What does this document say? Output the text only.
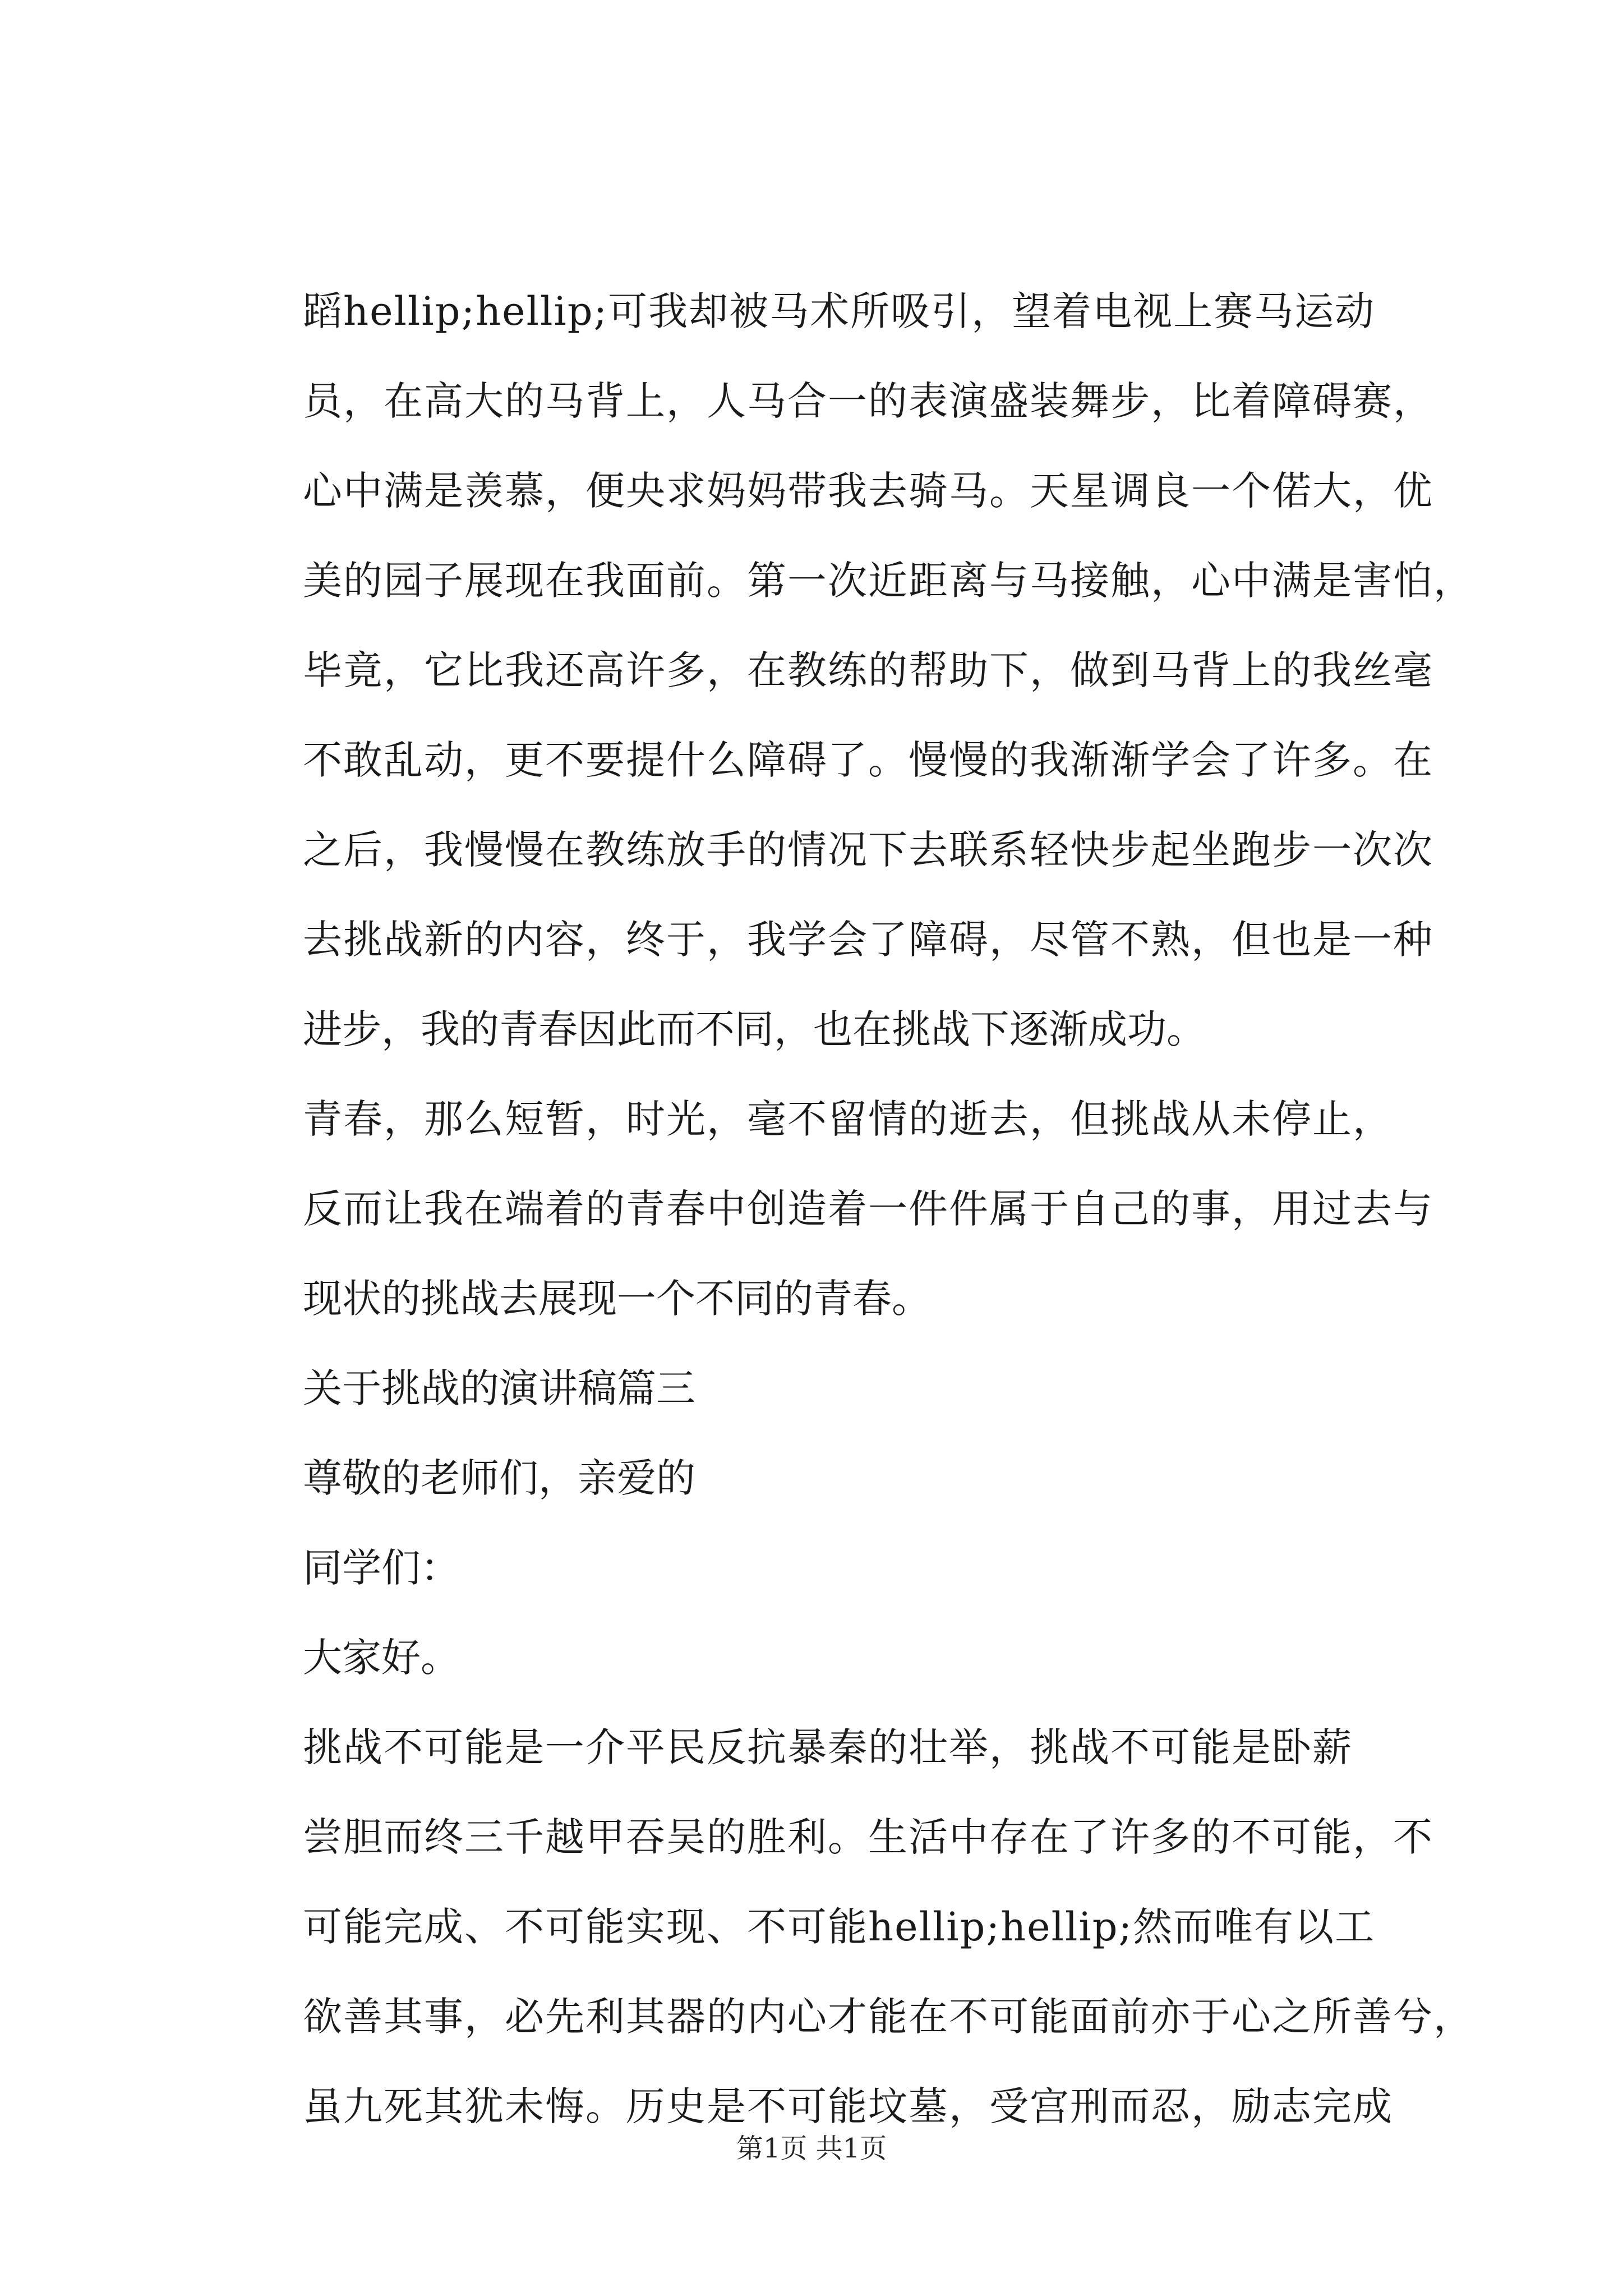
蹈hellip;hellip;可我却被马术所吸引，望着电视上赛马运动
员，在高大的马背上，人马合一的表演盛装舞步，比着障碍赛，
心中满是羡慕，便央求妈妈带我去骑马。天星调良一个偌大，优
美的园子展现在我面前。第一次近距离与马接触，心中满是害怕，
毕竟，它比我还高许多，在教练的帮助下，做到马背上的我丝毫
不敢乱动，更不要提什么障碍了。慢慢的我渐渐学会了许多。在
之后，我慢慢在教练放手的情况下去联系轻快步起坐跑步一次次
去挑战新的内容，终于，我学会了障碍，尽管不熟，但也是一种
进步，我的青春因此而不同，也在挑战下逐渐成功。
青春，那么短暂，时光，毫不留情的逝去，但挑战从未停止，
反而让我在端着的青春中创造着一件件属于自己的事，用过去与
现状的挑战去展现一个不同的青春。
关于挑战的演讲稿篇三
尊敬的老师们，亲爱的
同学们：
大家好。
挑战不可能是一介平民反抗暴秦的壮举，挑战不可能是卧薪
尝胆而终三千越甲吞吴的胜利。生活中存在了许多的不可能，不
可能完成、不可能实现、不可能hellip;hellip;然而唯有以工
欲善其事，必先利其器的内心才能在不可能面前亦于心之所善兮，
虽九死其犹未悔。历史是不可能坟墓，受宫刑而忍，励志完成
第1页 共1页
